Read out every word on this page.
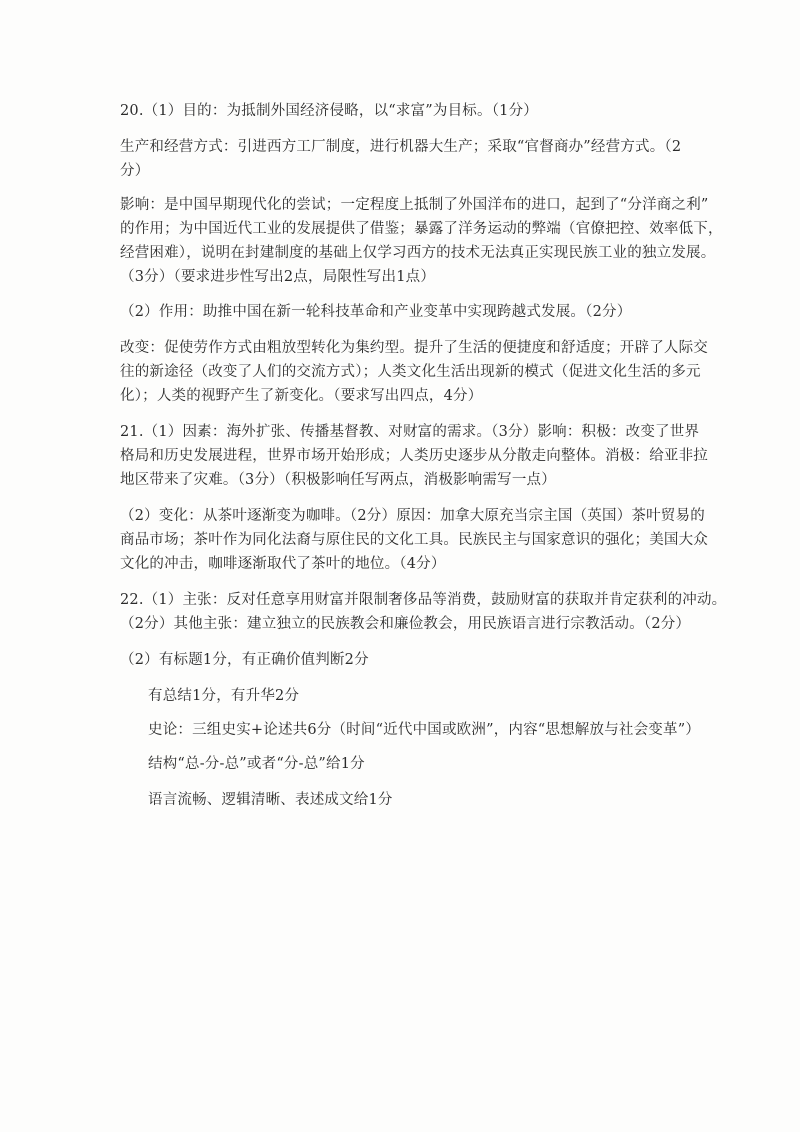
20.（1）目的：为抵制外国经济侵略，以“求富”为目标。（1分）
生产和经营方式：引进西方工厂制度，进行机器大生产；采取“官督商办”经营方式。（2
分）
影响：是中国早期现代化的尝试；一定程度上抵制了外国洋布的进口，起到了“分洋商之利”
的作用；为中国近代工业的发展提供了借鉴；暴露了洋务运动的弊端（官僚把控、效率低下，
经营困难），说明在封建制度的基础上仅学习西方的技术无法真正实现民族工业的独立发展。
（3分）（要求进步性写出2点，局限性写出1点）
（2）作用：助推中国在新一轮科技革命和产业变革中实现跨越式发展。（2分）
改变：促使劳作方式由粗放型转化为集约型。提升了生活的便捷度和舒适度；开辟了人际交
往的新途径（改变了人们的交流方式）；人类文化生活出现新的模式（促进文化生活的多元
化）；人类的视野产生了新变化。（要求写出四点，4分）
21.（1）因素：海外扩张、传播基督教、对财富的需求。（3分）影响：积极：改变了世界
格局和历史发展进程，世界市场开始形成；人类历史逐步从分散走向整体。消极：给亚非拉
地区带来了灾难。（3分）（积极影响任写两点，消极影响需写一点）
（2）变化：从茶叶逐渐变为咖啡。（2分）原因：加拿大原充当宗主国（英国）茶叶贸易的
商品市场；茶叶作为同化法裔与原住民的文化工具。民族民主与国家意识的强化；美国大众
文化的冲击，咖啡逐渐取代了茶叶的地位。（4分）
22.（1）主张：反对任意享用财富并限制奢侈品等消费，鼓励财富的获取并肯定获利的冲动。
（2分）其他主张：建立独立的民族教会和廉俭教会，用民族语言进行宗教活动。（2分）
（2）有标题1分，有正确价值判断2分
有总结1分，有升华2分
史论：三组史实+论述共6分（时间“近代中国或欧洲”，内容“思想解放与社会变革”）
结构“总-分-总”或者“分-总”给1分
语言流畅、逻辑清晰、表述成文给1分
